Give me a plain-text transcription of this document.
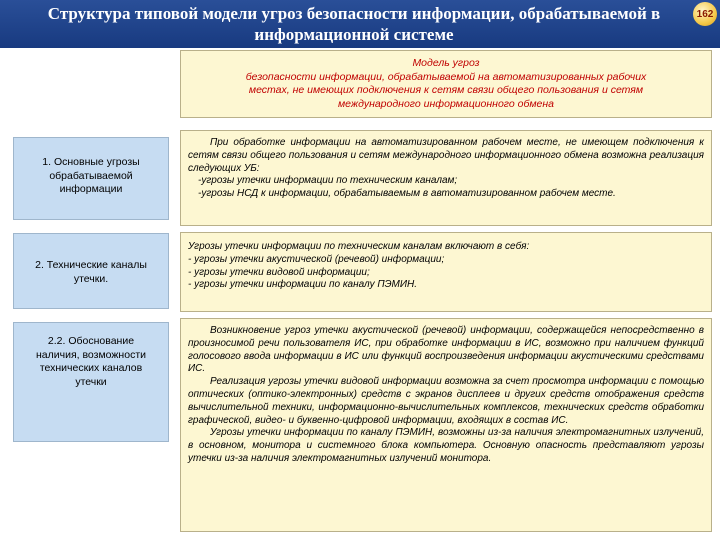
Структура типовой модели угроз безопасности информации, обрабатываемой в информационной системе
162
Модель угроз
безопасности информации, обрабатываемой на автоматизированных рабочих
местах, не имеющих подключения к сетям связи общего пользования и сетям
международного информационного обмена
1. Основные угрозы
обрабатываемой
информации

При обработке информации на автоматизированном рабочем месте, не имеющем подключения к сетям связи общего пользования и сетям международного информационного обмена возможна реализация следующих УБ:

-угрозы утечки информации по техническим каналам;

-угрозы НСД к информации, обрабатываемым в автоматизированном рабочем месте.

2. Технические каналы
утечки.

Угрозы утечки информации по техническим каналам включают в себя:

- угрозы утечки акустической (речевой) информации;

- угрозы утечки видовой информации;

- угрозы утечки информации по каналу ПЭМИН.

2.2. Обоснование
наличия, возможности
технических каналов
утечки

Возникновение угроз утечки акустической (речевой) информации, содержащейся непосредственно в произносимой речи пользователя ИС, при обработке информации в ИС, возможно при наличием функций голосового ввода информации в ИС или функций воспроизведения информации акустическими средствами ИС.

Реализация угрозы утечки видовой информации возможна за счет просмотра информации с помощью оптических (оптико-электронных) средств с экранов дисплеев и других средств отображения средств вычислительной техники, информационно-вычислительных комплексов, технических средств обработки графической, видео- и буквенно-цифровой информации, входящих в состав ИС.

Угрозы утечки информации по каналу ПЭМИН, возможны из-за наличия электромагнитных излучений, в основном, монитора и системного блока компьютера. Основную опасность представляют угрозы утечки из-за наличия электромагнитных излучений монитора.
